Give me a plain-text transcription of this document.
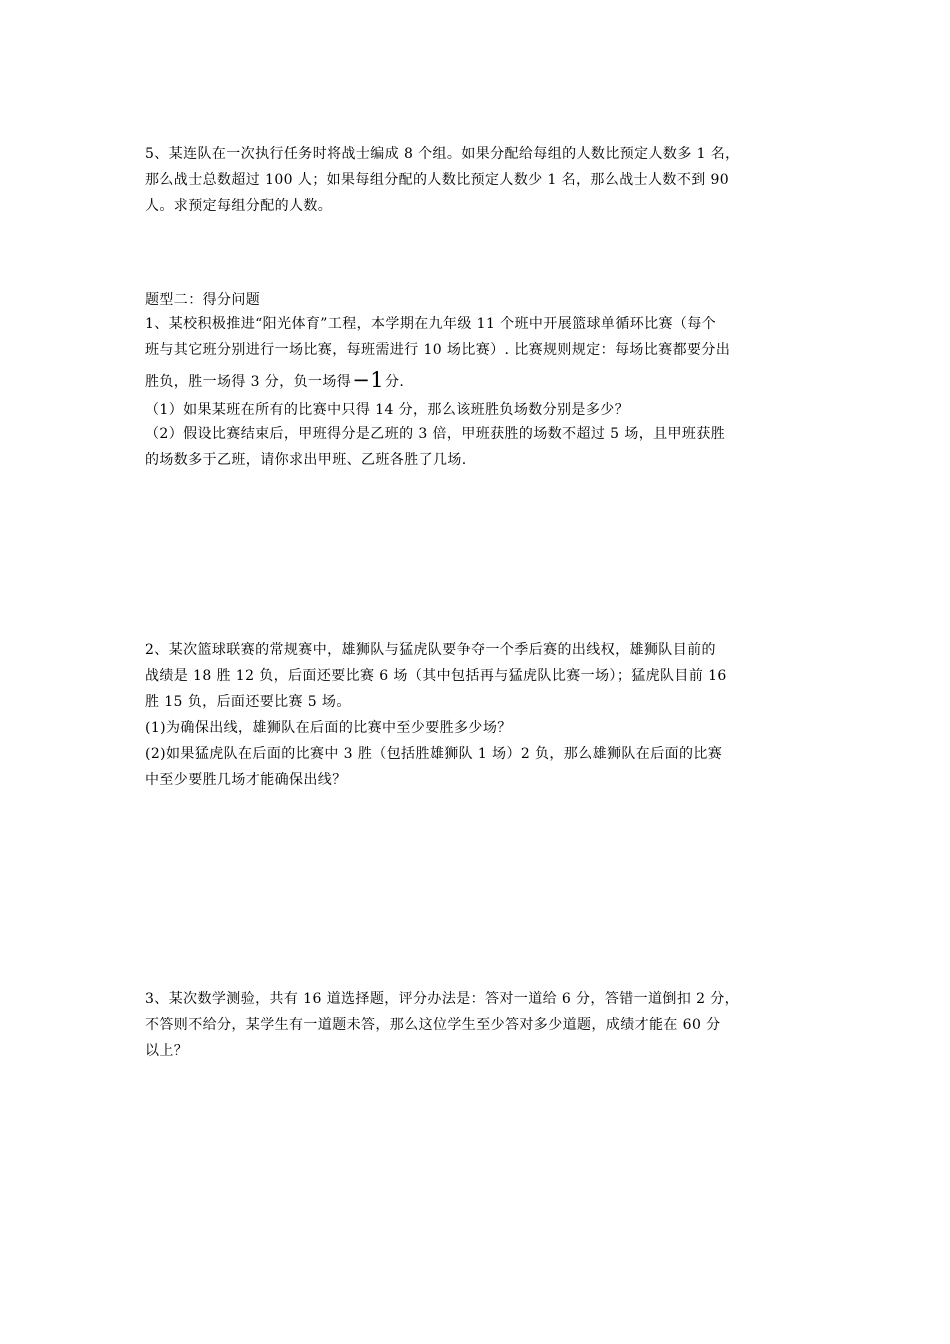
5、某连队在一次执行任务时将战士编成 8 个组。如果分配给每组的人数比预定人数多 1 名，
那么战士总数超过 100 人；如果每组分配的人数比预定人数少 1 名，那么战士人数不到 90
人。求预定每组分配的人数。
题型二：得分问题
1、某校积极推进“阳光体育”工程，本学期在九年级 11 个班中开展篮球单循环比赛（每个
班与其它班分别进行一场比赛，每班需进行 10 场比赛）. 比赛规则规定：每场比赛都要分出
胜负，胜一场得 3 分，负一场得−1分.
（1）如果某班在所有的比赛中只得 14 分，那么该班胜负场数分别是多少？
（2）假设比赛结束后，甲班得分是乙班的 3 倍，甲班获胜的场数不超过 5 场，且甲班获胜
的场数多于乙班，请你求出甲班、乙班各胜了几场.
2、某次篮球联赛的常规赛中，雄狮队与猛虎队要争夺一个季后赛的出线权，雄狮队目前的
战绩是 18 胜 12 负，后面还要比赛 6 场（其中包括再与猛虎队比赛一场）；猛虎队目前 16
胜 15 负，后面还要比赛 5 场。
(1)为确保出线，雄狮队在后面的比赛中至少要胜多少场？
(2)如果猛虎队在后面的比赛中 3 胜（包括胜雄狮队 1 场）2 负，那么雄狮队在后面的比赛
中至少要胜几场才能确保出线？
3、某次数学测验，共有 16 道选择题，评分办法是：答对一道给 6 分，答错一道倒扣 2 分，
不答则不给分，某学生有一道题未答，那么这位学生至少答对多少道题，成绩才能在 60 分
以上？
